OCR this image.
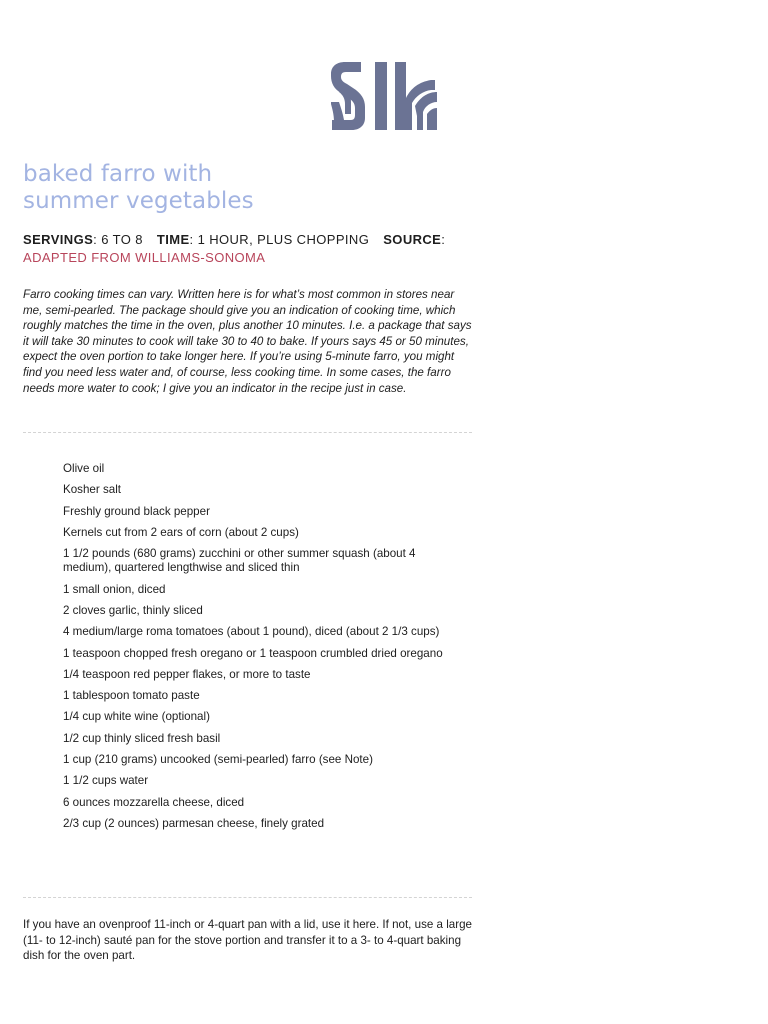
baked farro with
summer vegetables
SERVINGS: 6 TO 8 TIME: 1 HOUR, PLUS CHOPPING SOURCE:
ADAPTED FROM WILLIAMS-SONOMA

Farro cooking times can vary. Written here is for what’s most common in stores near me, semi-pearled. The package should give you an indication of cooking time, which roughly matches the time in the oven, plus another 10 minutes. I.e. a package that says it will take 30 minutes to cook will take 30 to 40 to bake. If yours says 45 or 50 minutes, expect the oven portion to take longer here. If you’re using 5-minute farro, you might find you need less water and, of course, less cooking time. In some cases, the farro needs more water to cook; I give you an indicator in the recipe just in case.

Olive oil
Kosher salt
Freshly ground black pepper
Kernels cut from 2 ears of corn (about 2 cups)
1 1/2 pounds (680 grams) zucchini or other summer squash (about 4 medium), quartered lengthwise and sliced thin
1 small onion, diced
2 cloves garlic, thinly sliced
4 medium/large roma tomatoes (about 1 pound), diced (about 2 1/3 cups)
1 teaspoon chopped fresh oregano or 1 teaspoon crumbled dried oregano
1/4 teaspoon red pepper flakes, or more to taste
1 tablespoon tomato paste
1/4 cup white wine (optional)
1/2 cup thinly sliced fresh basil
1 cup (210 grams) uncooked (semi-pearled) farro (see Note)
1 1/2 cups water
6 ounces mozzarella cheese, diced
2/3 cup (2 ounces) parmesan cheese, finely grated

If you have an ovenproof 11-inch or 4-quart pan with a lid, use it here. If not, use a large (11- to 12-inch) sauté pan for the stove portion and transfer it to a 3- to 4-quart baking dish for the oven part.
